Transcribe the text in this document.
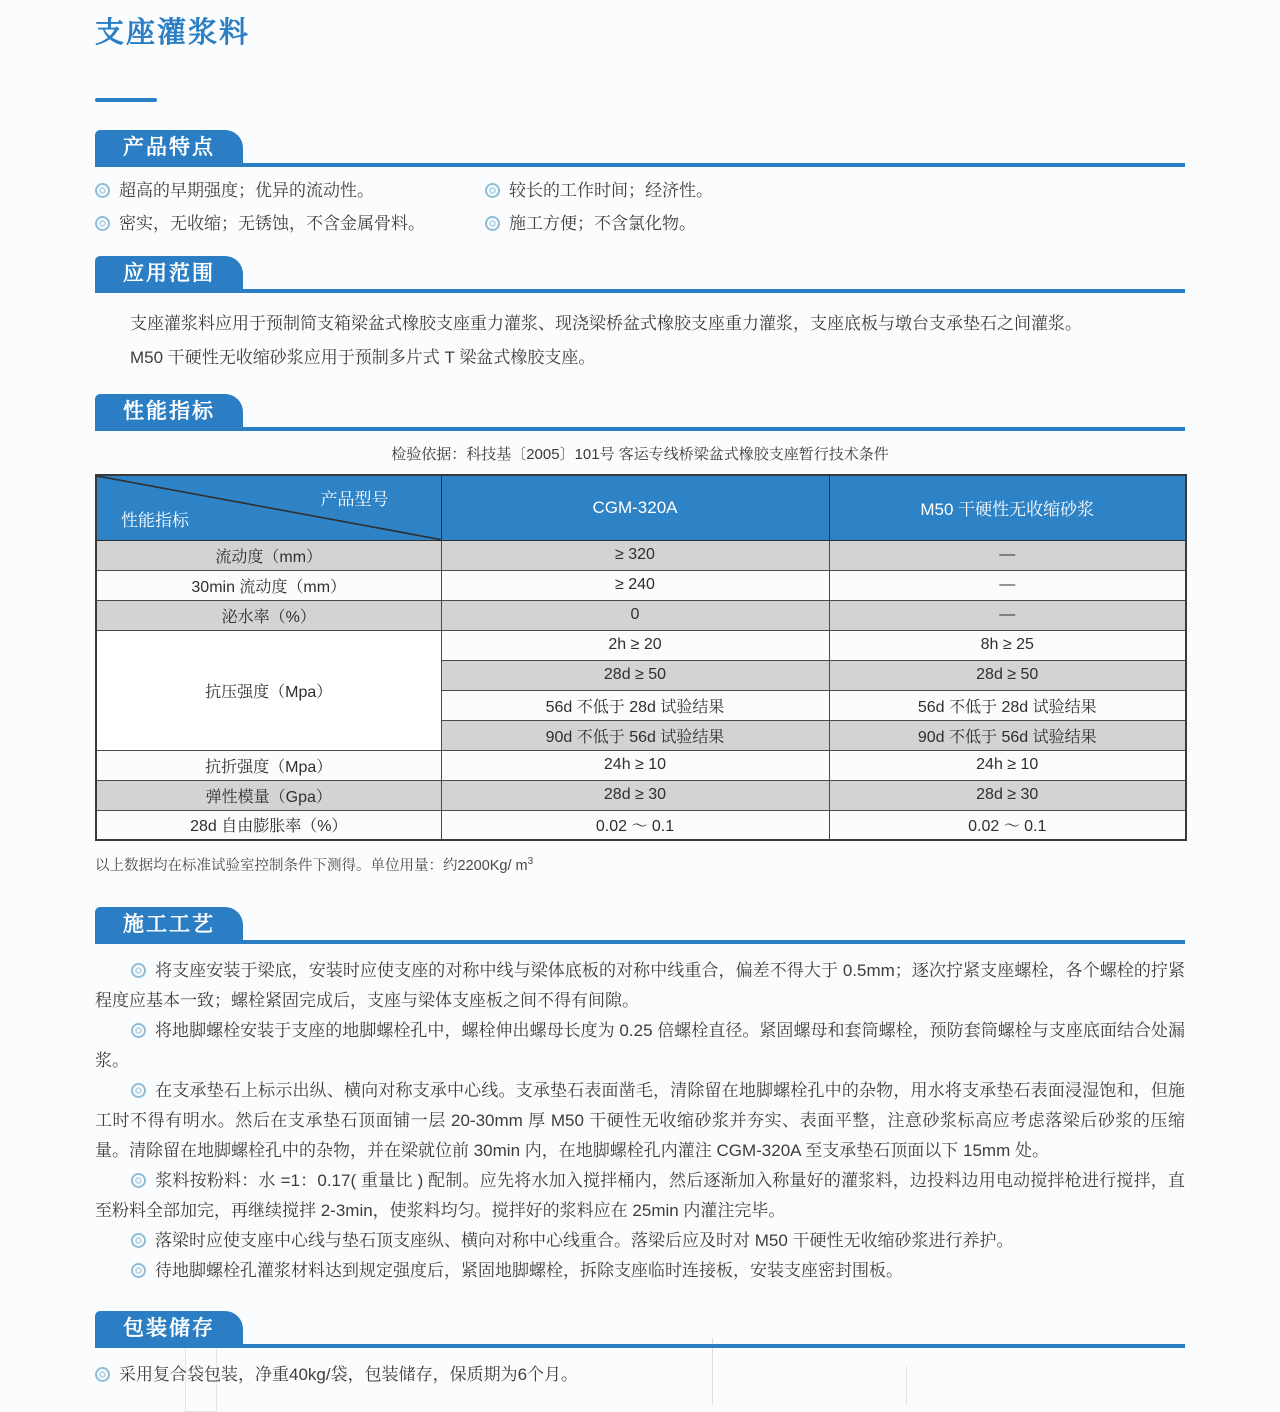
支座灌浆料
产品特点
超高的早期强度；优异的流动性。	较长的工作时间；经济性。
密实，无收缩；无锈蚀，不含金属骨料。	施工方便；不含氯化物。
应用范围

支座灌浆料应用于预制简支箱梁盆式橡胶支座重力灌浆、现浇梁桥盆式橡胶支座重力灌浆，支座底板与墩台支承垫石之间灌浆。

M50 干硬性无收缩砂浆应用于预制多片式 T 梁盆式橡胶支座。

性能指标
检验依据：科技基〔2005〕101号 客运专线桥梁盆式橡胶支座暂行技术条件
产品型号
性能指标	CGM-320A	M50 干硬性无收缩砂浆
流动度（mm）	≥ 320	—
30min 流动度（mm）	≥ 240	—
泌水率（%）	0	—
抗压强度（Mpa）	2h ≥ 20	8h ≥ 25
	28d ≥ 50	28d ≥ 50
	56d 不低于 28d 试验结果	56d 不低于 28d 试验结果
	90d 不低于 56d 试验结果	90d 不低于 56d 试验结果
抗折强度（Mpa）	24h ≥ 10	24h ≥ 10
弹性模量（Gpa）	28d ≥ 30	28d ≥ 30
28d 自由膨胀率（%）	0.02 ～ 0.1	0.02 ～ 0.1
以上数据均在标准试验室控制条件下测得。单位用量：约2200Kg/ $m^3$
施工工艺

将支座安装于梁底，安装时应使支座的对称中线与梁体底板的对称中线重合，偏差不得大于 0.5mm；逐次拧紧支座螺栓，各个螺栓的拧紧程度应基本一致；螺栓紧固完成后，支座与梁体支座板之间不得有间隙。

将地脚螺栓安装于支座的地脚螺栓孔中，螺栓伸出螺母长度为 0.25 倍螺栓直径。紧固螺母和套筒螺栓，预防套筒螺栓与支座底面结合处漏浆。

在支承垫石上标示出纵、横向对称支承中心线。支承垫石表面凿毛，清除留在地脚螺栓孔中的杂物，用水将支承垫石表面浸湿饱和，但施工时不得有明水。然后在支承垫石顶面铺一层 20-30mm 厚 M50 干硬性无收缩砂浆并夯实、表面平整，注意砂浆标高应考虑落梁后砂浆的压缩量。清除留在地脚螺栓孔中的杂物，并在梁就位前 30min 内，在地脚螺栓孔内灌注 CGM-320A 至支承垫石顶面以下 15mm 处。

浆料按粉料：水 =1：0.17( 重量比 ) 配制。应先将水加入搅拌桶内，然后逐渐加入称量好的灌浆料，边投料边用电动搅拌枪进行搅拌，直至粉料全部加完，再继续搅拌 2-3min，使浆料均匀。搅拌好的浆料应在 25min 内灌注完毕。

落梁时应使支座中心线与垫石顶支座纵、横向对称中心线重合。落梁后应及时对 M50 干硬性无收缩砂浆进行养护。

待地脚螺栓孔灌浆材料达到规定强度后，紧固地脚螺栓，拆除支座临时连接板，安装支座密封围板。

包装储存
采用复合袋包装，净重40kg/袋，包装储存，保质期为6个月。
